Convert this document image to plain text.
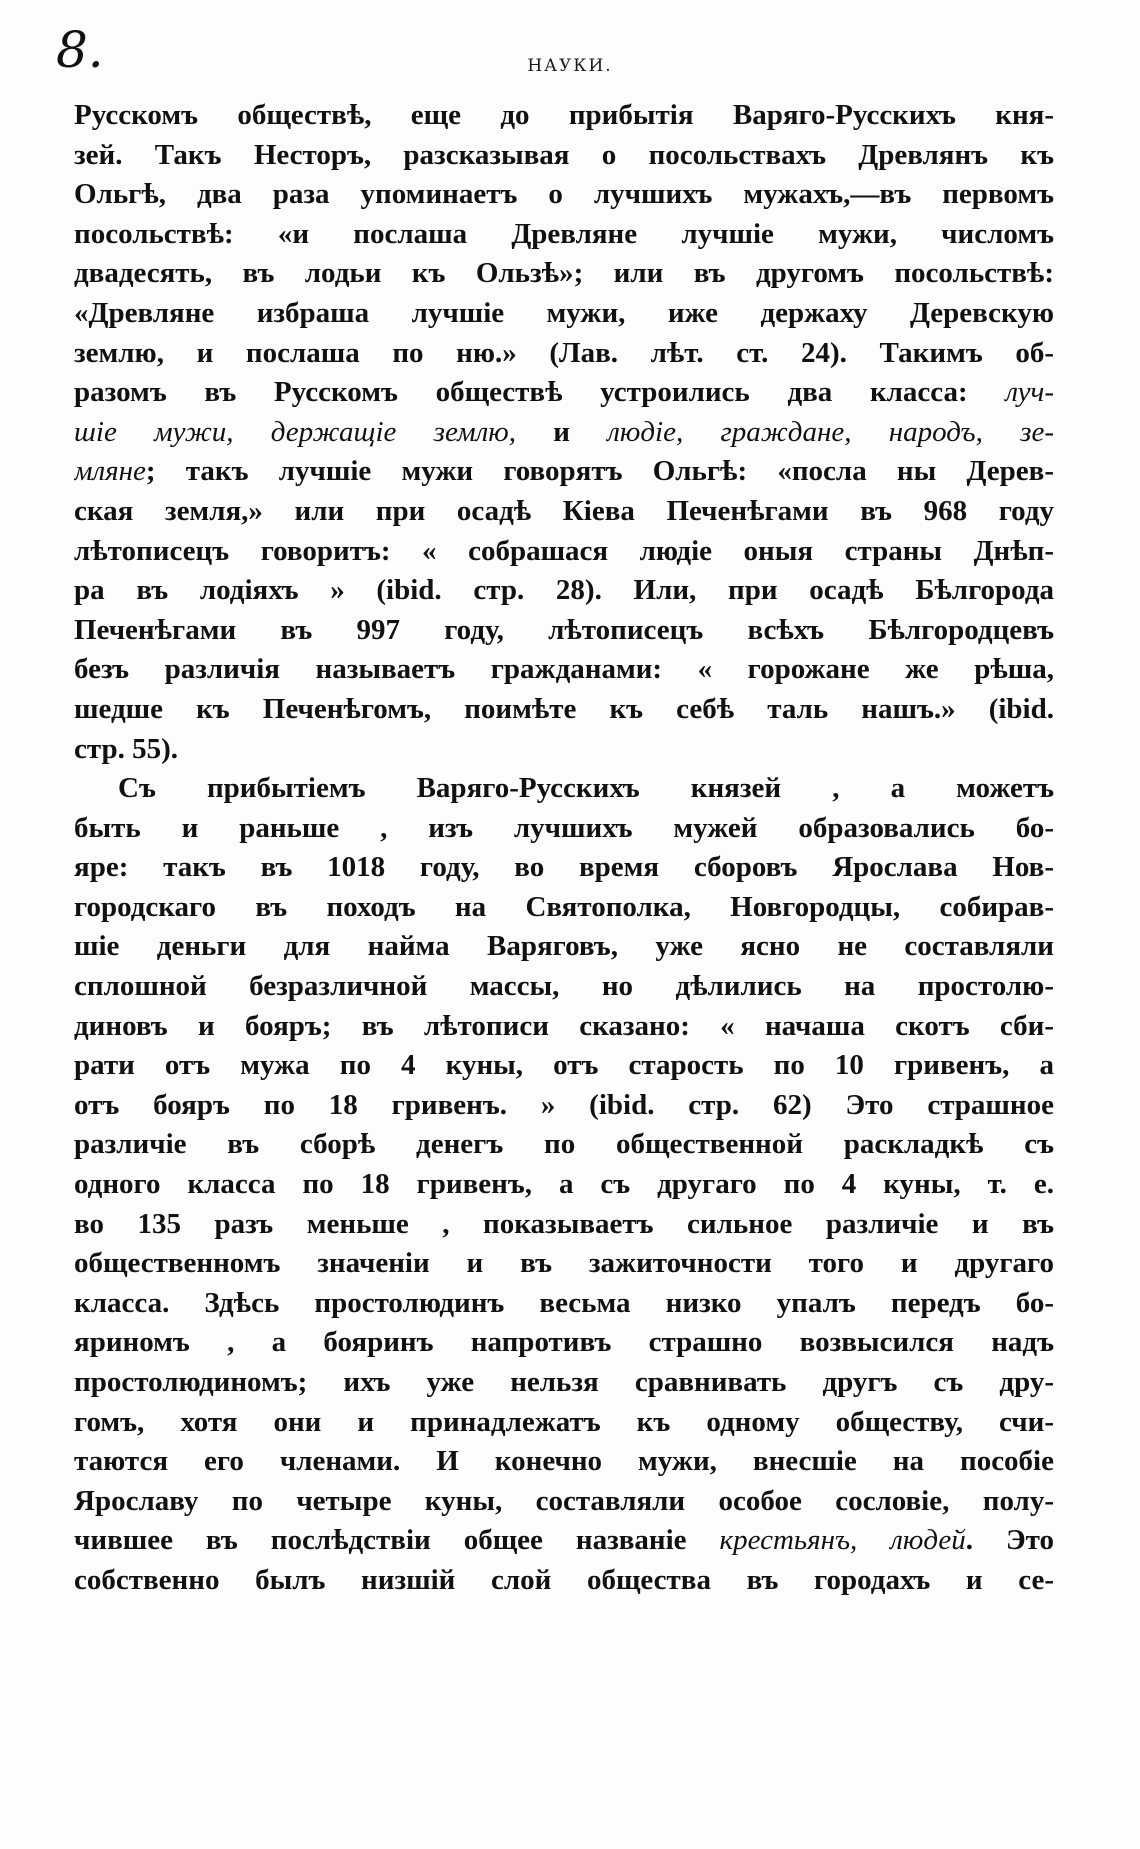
8.	НАУКИ.
Русскомъ обществѣ, еще до прибытія Варяго-Русскихъ кня-
зей. Такъ Несторъ, разсказывая о посольствахъ Древлянъ къ
Ольгѣ, два раза упоминаетъ о лучшихъ мужахъ,—въ первомъ
посольствѣ: «и послаша Древляне лучшіе мужи, числомъ
двадесять, въ лодьи къ Ользѣ»; или въ другомъ посольствѣ:
«Древляне избраша лучшіе мужи, иже держаху Деревскую
землю, и послаша по ню.» (Лав. лѣт. ст. 24). Такимъ об-
разомъ въ Русскомъ обществѣ устроились два класса: луч-
шіе мужи, держащіе землю, и людіе, граждане, народъ, зе-
мляне; такъ лучшіе мужи говорятъ Ольгѣ: «посла ны Дерев-
ская земля,» или при осадѣ Кіева Печенѣгами въ 968 году
лѣтописецъ говоритъ: « собрашася людіе оныя страны Днѣп-
ра въ лодіяхъ » (ibid. стр. 28). Или, при осадѣ Бѣлгорода
Печенѣгами въ 997 году, лѣтописецъ всѣхъ Бѣлгородцевъ
безъ различія называетъ гражданами: « горожане же рѣша,
шедше къ Печенѣгомъ, поимѣте къ себѣ таль нашъ.» (ibid.
стр. 55).
Съ прибытіемъ Варяго-Русскихъ князей , а можетъ
быть и раньше , изъ лучшихъ мужей образовались бо-
яре: такъ въ 1018 году, во время сборовъ Ярослава Нов-
городскаго въ походъ на Святополка, Новгородцы, собирав-
шіе деньги для найма Варяговъ, уже ясно не составляли
сплошной безразличной массы, но дѣлились на простолю-
диновъ и бояръ; въ лѣтописи сказано: « начаша скотъ сби-
рати отъ мужа по 4 куны, отъ старость по 10 гривенъ, а
отъ бояръ по 18 гривенъ. » (ibid. стр. 62) Это страшное
различіе въ сборѣ денегъ по общественной раскладкѣ съ
одного класса по 18 гривенъ, а съ другаго по 4 куны, т. е.
во 135 разъ меньше , показываетъ сильное различіе и въ
общественномъ значеніи и въ зажиточности того и другаго
класса. Здѣсь простолюдинъ весьма низко упалъ передъ бо-
яриномъ , а бояринъ напротивъ страшно возвысился надъ
простолюдиномъ; ихъ уже нельзя сравнивать другъ съ дру-
гомъ, хотя они и принадлежатъ къ одному обществу, счи-
таются его членами. И конечно мужи, внесшіе на пособіе
Ярославу по четыре куны, составляли особое сословіе, полу-
чившее въ послѣдствіи общее названіе крестьянъ, людей. Это
собственно былъ низшій слой общества въ городахъ и се-
